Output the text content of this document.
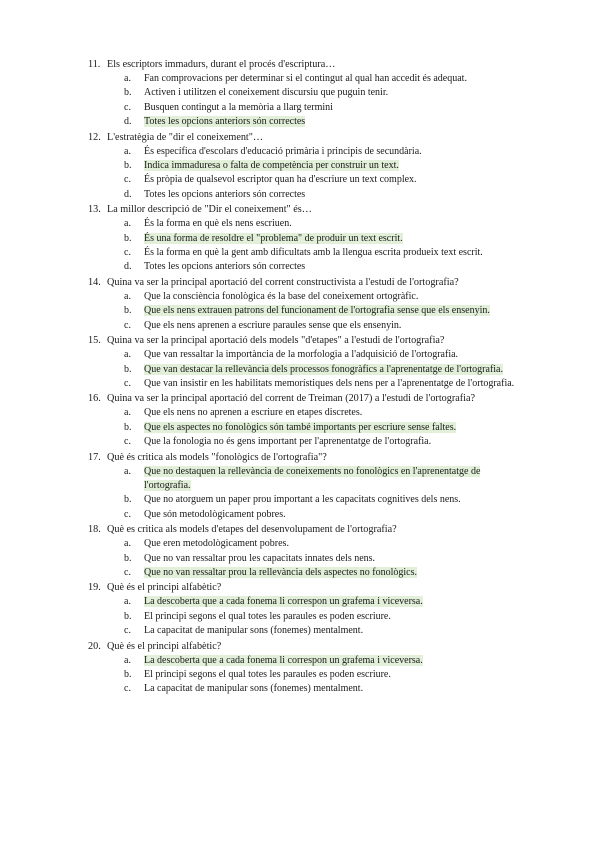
11. Els escriptors immadurs, durant el procés d'escriptura…
a.	Fan comprovacions per determinar si el contingut al qual han accedit és adequat.
b.	Activen i utilitzen el coneixement discursiu que puguin tenir.
c.	Busquen contingut a la memòria a llarg termini
d.	Totes les opcions anteriors són correctes
12. L'estratègia de "dir el coneixement"…
a.	És específica d'escolars d'educació primària i principis de secundària.
b.	Indica immaduresa o falta de competència per construir un text.
c.	És pròpia de qualsevol escriptor quan ha d'escriure un text complex.
d.	Totes les opcions anteriors són correctes
13. La millor descripció de "Dir el coneixement" és…
a.	És la forma en què els nens escriuen.
b.	És una forma de resoldre el "problema" de produir un text escrit.
c.	És la forma en què la gent amb dificultats amb la llengua escrita produeix text escrit.
d.	Totes les opcions anteriors són correctes
14. Quina va ser la principal aportació del corrent constructivista a l'estudi de l'ortografia?
a.	Que la consciència fonològica és la base del coneixement ortogràfic.
b.	Que els nens extrauen patrons del funcionament de l'ortografia sense que els ensenyin.
c.	Que els nens aprenen a escriure paraules sense que els ensenyin.
15. Quina va ser la principal aportació dels models "d'etapes" a l'estudi de l'ortografia?
a.	Que van ressaltar la importància de la morfologia a l'adquisició de l'ortografia.
b.	Que van destacar la rellevància dels processos fonogràfics a l'aprenentatge de l'ortografia.
c.	Que van insistir en les habilitats memorístiques dels nens per a l'aprenentatge de l'ortografia.
16. Quina va ser la principal aportació del corrent de Treiman (2017) a l'estudi de l'ortografia?
a.	Que els nens no aprenen a escriure en etapes discretes.
b.	Que els aspectes no fonològics són també importants per escriure sense faltes.
c.	Que la fonologia no és gens important per l'aprenentatge de l'ortografia.
17. Què és critica als models "fonològics de l'ortografia"?
a.	Que no destaquen la rellevància de coneixements no fonològics en l'aprenentatge de l'ortografia.
b.	Que no atorguem un paper prou important a les capacitats cognitives dels nens.
c.	Que són metodològicament pobres.
18. Què es critica als models d'etapes del desenvolupament de l'ortografia?
a.	Que eren metodològicament pobres.
b.	Que no van ressaltar prou les capacitats innates dels nens.
c.	Que no van ressaltar prou la rellevància dels aspectes no fonològics.
19. Què és el principi alfabètic?
a.	La descoberta que a cada fonema li correspon un grafema i viceversa.
b.	El principi segons el qual totes les paraules es poden escriure.
c.	La capacitat de manipular sons (fonemes) mentalment.
20. Què és el principi alfabètic?
a.	La descoberta que a cada fonema li correspon un grafema i viceversa.
b.	El principi segons el qual totes les paraules es poden escriure.
c.	La capacitat de manipular sons (fonemes) mentalment.
